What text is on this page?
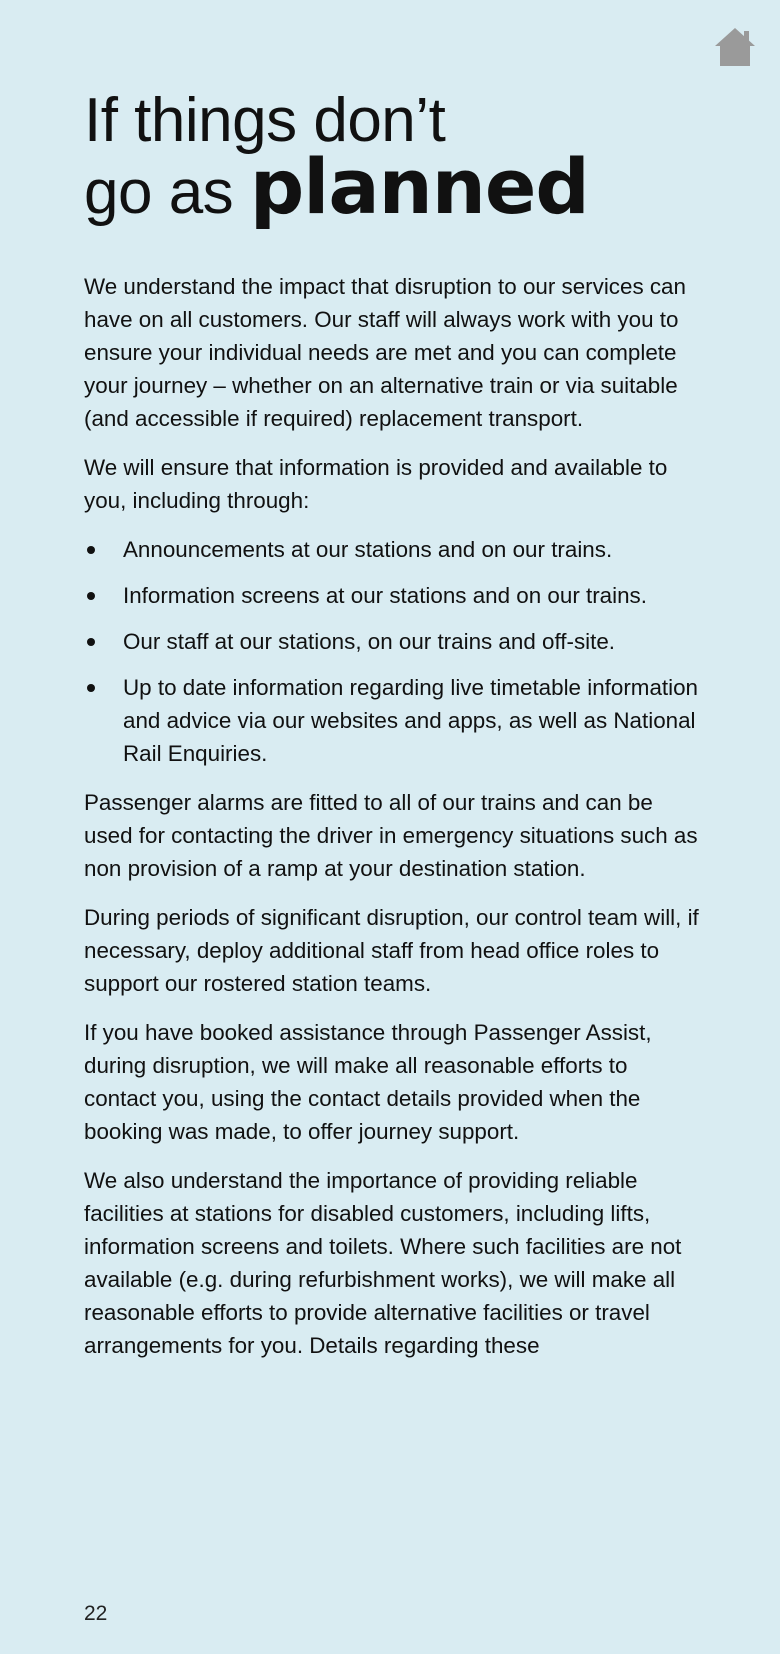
If things don’t
go as planned

We understand the impact that disruption to our services can have on all customers. Our staff will always work with you to ensure your individual needs are met and you can complete your journey – whether on an alternative train or via suitable (and accessible if required) replacement transport.

We will ensure that information is provided and available to you, including through:

Announcements at our stations and on our trains.
Information screens at our stations and on our trains.
Our staff at our stations, on our trains and off-site.
Up to date information regarding live timetable information and advice via our websites and apps, as well as National Rail Enquiries.

Passenger alarms are fitted to all of our trains and can be used for contacting the driver in emergency situations such as non provision of a ramp at your destination station.

During periods of significant disruption, our control team will, if necessary, deploy additional staff from head office roles to support our rostered station teams.

If you have booked assistance through Passenger Assist, during disruption, we will make all reasonable efforts to contact you, using the contact details provided when the booking was made, to offer journey support.

We also understand the importance of providing reliable facilities at stations for disabled customers, including lifts, information screens and toilets. Where such facilities are not available (e.g. during refurbishment works), we will make all reasonable efforts to provide alternative facilities or travel arrangements for you. Details regarding these

22
